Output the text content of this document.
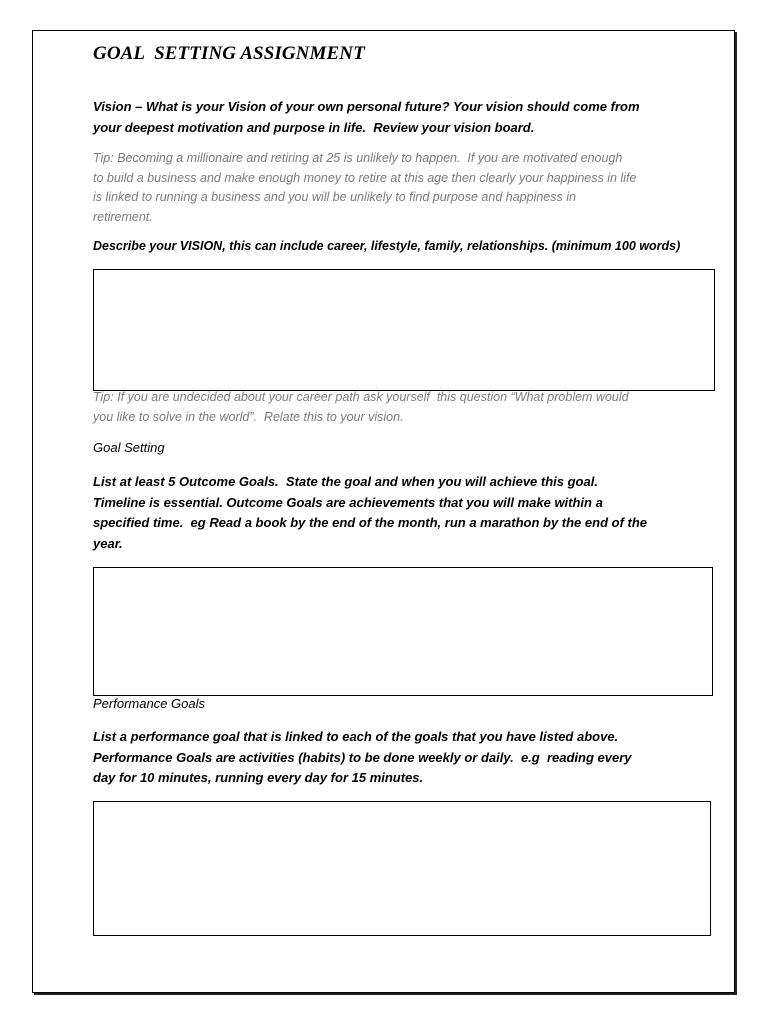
GOAL  SETTING ASSIGNMENT

Vision – What is your Vision of your own personal future? Your vision should come from
your deepest motivation and purpose in life.  Review your vision board.

Tip: Becoming a millionaire and retiring at 25 is unlikely to happen.  If you are motivated enough
to build a business and make enough money to retire at this age then clearly your happiness in life
is linked to running a business and you will be unlikely to find purpose and happiness in
retirement.

Describe your VISION, this can include career, lifestyle, family, relationships. (minimum 100 words)

Tip: If you are undecided about your career path ask yourself  this question “What problem would
you like to solve in the world”.  Relate this to your vision.

Goal Setting

List at least 5 Outcome Goals.  State the goal and when you will achieve this goal.
Timeline is essential. Outcome Goals are achievements that you will make within a
specified time.  eg Read a book by the end of the month, run a marathon by the end of the
year.

Performance Goals

List a performance goal that is linked to each of the goals that you have listed above.
Performance Goals are activities (habits) to be done weekly or daily.  e.g  reading every
day for 10 minutes, running every day for 15 minutes.
